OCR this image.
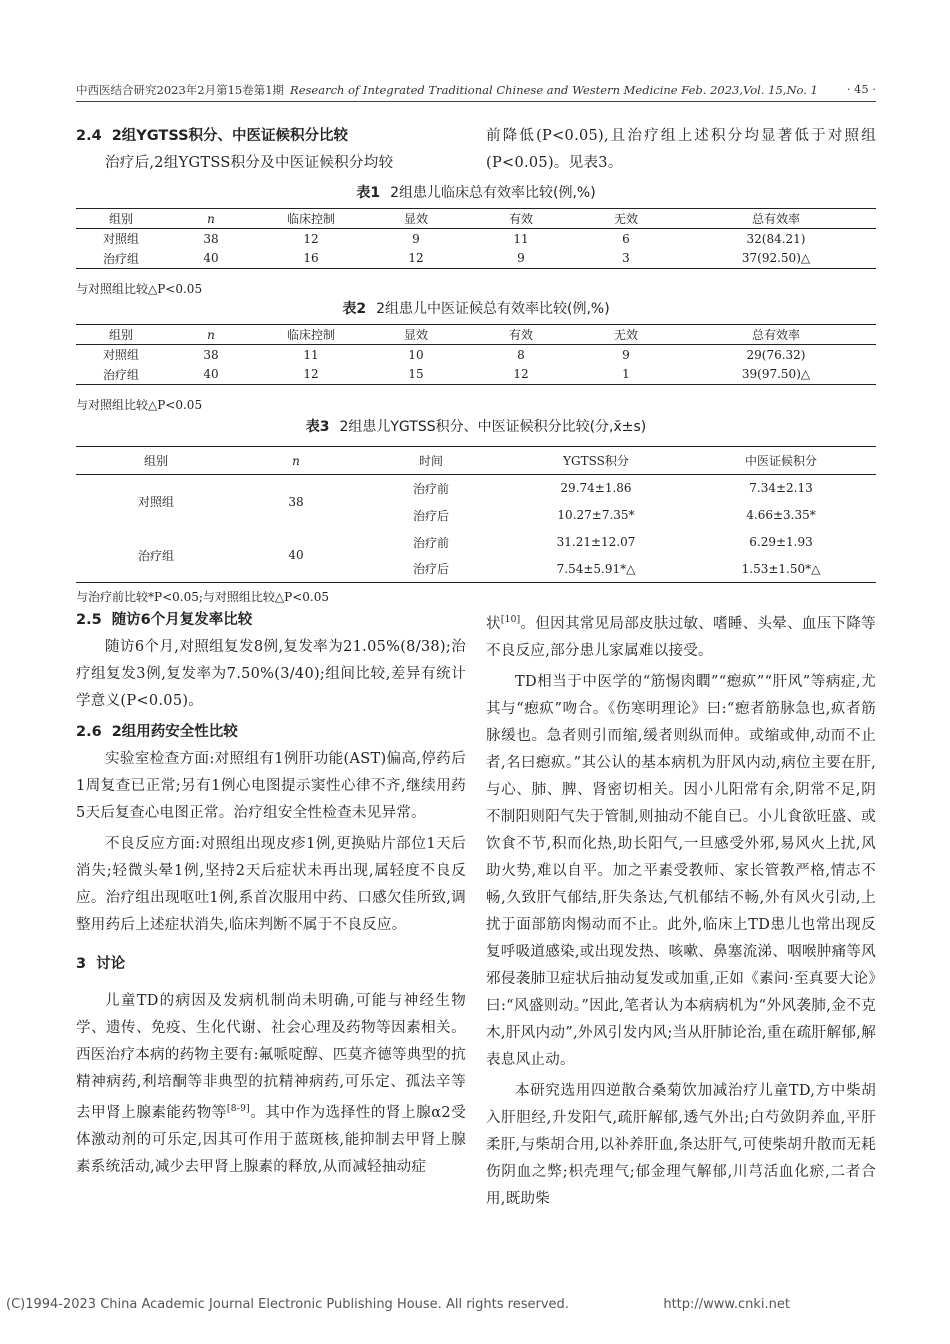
中西医结合研究2023年2月第15卷第1期 Research of Integrated Traditional Chinese and Western Medicine Feb. 2023,Vol. 15,No. 1	· 45 ·
2.4 2组YGTSS积分、中医证候积分比较

治疗后,2组YGTSS积分及中医证候积分均较

前降低(P<0.05),且治疗组上述积分均显著低于对照组(P<0.05)。见表3。

表1 2组患儿临床总有效率比较(例,%)
组别	n	临床控制	显效	有效	无效	总有效率
对照组	38	12	9	11	6	32(84.21)
治疗组	40	16	12	9	3	37(92.50)△
与对照组比较△P<0.05
表2 2组患儿中医证候总有效率比较(例,%)
组别	n	临床控制	显效	有效	无效	总有效率
对照组	38	11	10	8	9	29(76.32)
治疗组	40	12	15	12	1	39(97.50)△
与对照组比较△P<0.05
表3 2组患儿YGTSS积分、中医证候积分比较(分,x̄±s)
组别	n	时间	YGTSS积分	中医证候积分
对照组	38	治疗前	29.74±1.86	7.34±2.13
		治疗后	10.27±7.35*	4.66±3.35*
治疗组	40	治疗前	31.21±12.07	6.29±1.93
		治疗后	7.54±5.91*△	1.53±1.50*△
与治疗前比较*P<0.05;与对照组比较△P<0.05
2.5 随访6个月复发率比较

随访6个月,对照组复发8例,复发率为21.05%(8/38);治疗组复发3例,复发率为7.50%(3/40);组间比较,差异有统计学意义(P<0.05)。

2.6 2组用药安全性比较

实验室检查方面:对照组有1例肝功能(AST)偏高,停药后1周复查已正常;另有1例心电图提示窦性心律不齐,继续用药5天后复查心电图正常。治疗组安全性检查未见异常。

不良反应方面:对照组出现皮疹1例,更换贴片部位1天后消失;轻微头晕1例,坚持2天后症状未再出现,属轻度不良反应。治疗组出现呕吐1例,系首次服用中药、口感欠佳所致,调整用药后上述症状消失,临床判断不属于不良反应。

3 讨论

儿童TD的病因及发病机制尚未明确,可能与神经生物学、遗传、免疫、生化代谢、社会心理及药物等因素相关。西医治疗本病的药物主要有:氟哌啶醇、匹莫齐德等典型的抗精神病药,利培酮等非典型的抗精神病药,可乐定、孤法辛等去甲肾上腺素能药物等[8-9]。其中作为选择性的肾上腺α2受体激动剂的可乐定,因其可作用于蓝斑核,能抑制去甲肾上腺素系统活动,减少去甲肾上腺素的释放,从而减轻抽动症

状[10]。但因其常见局部皮肤过敏、嗜睡、头晕、血压下降等不良反应,部分患儿家属难以接受。

TD相当于中医学的“筋惕肉瞤”“瘛疭”“肝风”等病症,尤其与“瘛疭”吻合。《伤寒明理论》曰:“瘛者筋脉急也,疭者筋脉缓也。急者则引而缩,缓者则纵而伸。或缩或伸,动而不止者,名曰瘛疭。”其公认的基本病机为肝风内动,病位主要在肝,与心、肺、脾、肾密切相关。因小儿阳常有余,阴常不足,阴不制阳则阳气失于管制,则抽动不能自已。小儿食欲旺盛、或饮食不节,积而化热,助长阳气,一旦感受外邪,易风火上扰,风助火势,难以自平。加之平素受教师、家长管教严格,情志不畅,久致肝气郁结,肝失条达,气机郁结不畅,外有风火引动,上扰于面部筋肉惕动而不止。此外,临床上TD患儿也常出现反复呼吸道感染,或出现发热、咳嗽、鼻塞流涕、咽喉肿痛等风邪侵袭肺卫症状后抽动复发或加重,正如《素问·至真要大论》曰:“风盛则动。”因此,笔者认为本病病机为“外风袭肺,金不克木,肝风内动”,外风引发内风;当从肝肺论治,重在疏肝解郁,解表息风止动。

本研究选用四逆散合桑菊饮加减治疗儿童TD,方中柴胡入肝胆经,升发阳气,疏肝解郁,透气外出;白芍敛阴养血,平肝柔肝,与柴胡合用,以补养肝血,条达肝气,可使柴胡升散而无耗伤阴血之弊;枳壳理气;郁金理气解郁,川芎活血化瘀,二者合用,既助柴

(C)1994-2023 China Academic Journal Electronic Publishing House. All rights reserved.	http://www.cnki.net
